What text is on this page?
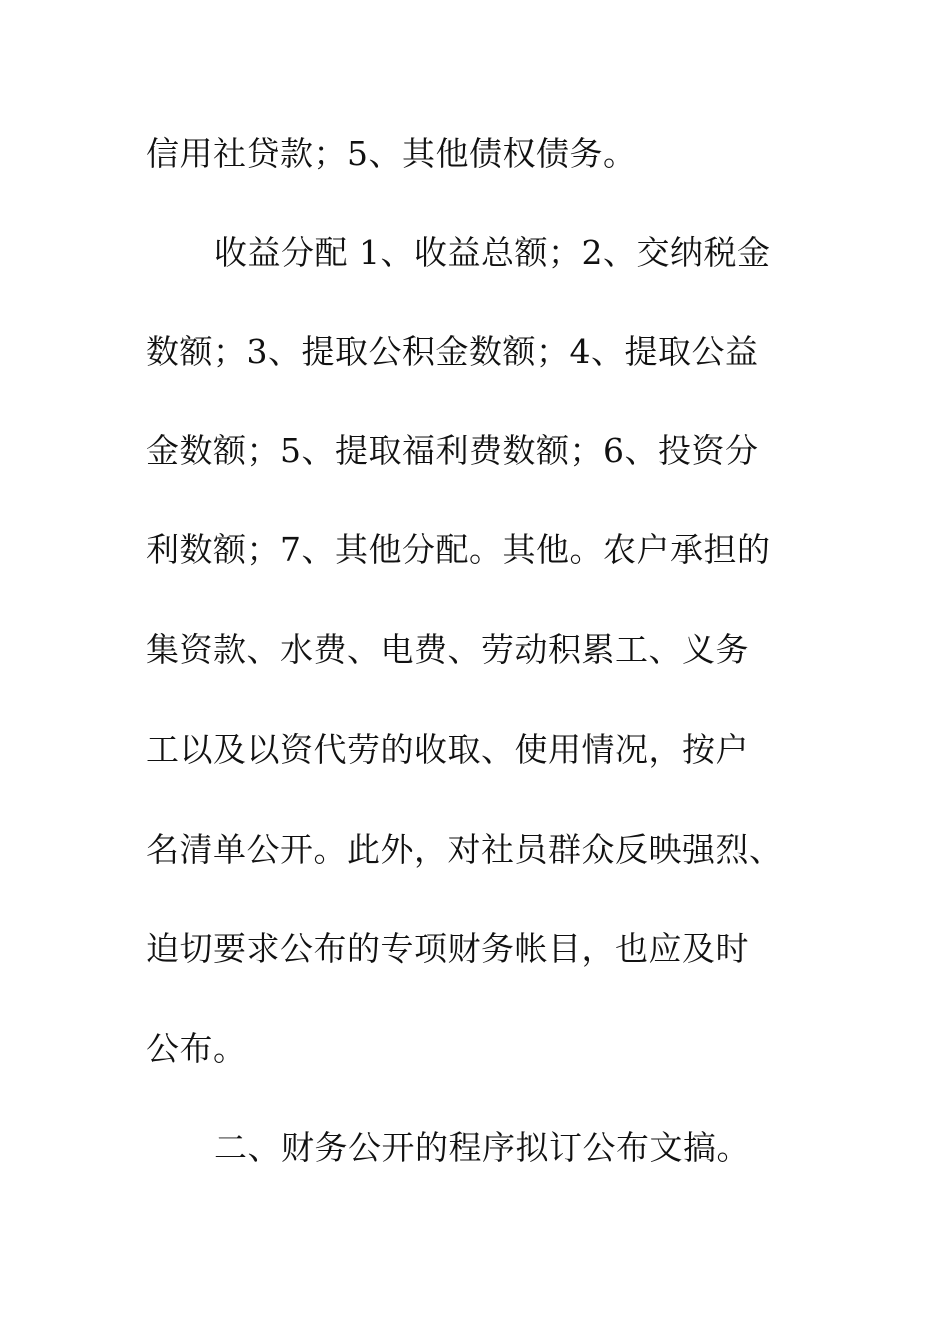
信用社贷款；5、其他债权债务。
收益分配 1、收益总额；2、交纳税金
数额；3、提取公积金数额；4、提取公益
金数额；5、提取福利费数额；6、投资分
利数额；7、其他分配。其他。农户承担的
集资款、水费、电费、劳动积累工、义务
工以及以资代劳的收取、使用情况，按户
名清单公开。此外，对社员群众反映强烈、
迫切要求公布的专项财务帐目，也应及时
公布。
二、财务公开的程序拟订公布文搞。
